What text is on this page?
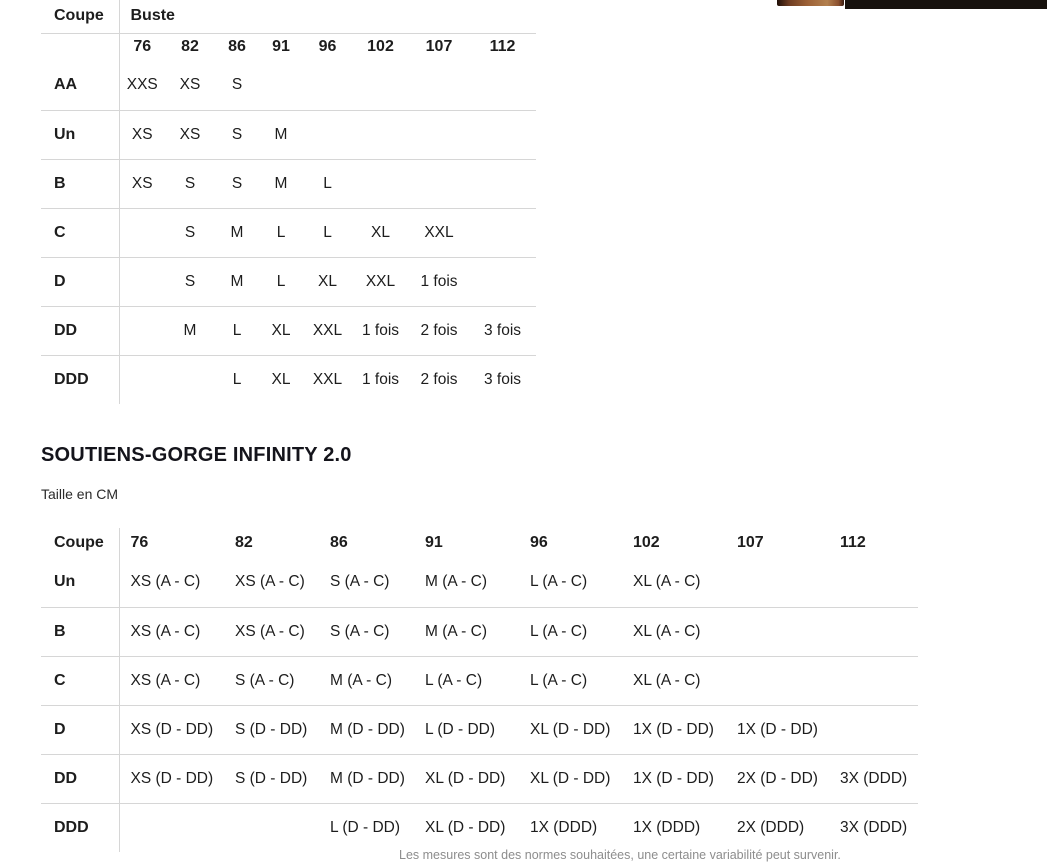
Coupe	Buste							
	76	82	86	91	96	102	107	112
AA	XXS	XS	S					
Un	XS	XS	S	M				
B	XS	S	S	M	L			
C		S	M	L	L	XL	XXL	
D		S	M	L	XL	XXL	1 fois	
DD		M	L	XL	XXL	1 fois	2 fois	3 fois
DDD			L	XL	XXL	1 fois	2 fois	3 fois
SOUTIENS-GORGE INFINITY 2.0
Taille en CM
Coupe	76	82	86	91	96	102	107	112
Un	XS (A - C)	XS (A - C)	S (A - C)	M (A - C)	L (A - C)	XL (A - C)		
B	XS (A - C)	XS (A - C)	S (A - C)	M (A - C)	L (A - C)	XL (A - C)		
C	XS (A - C)	S (A - C)	M (A - C)	L (A - C)	L (A - C)	XL (A - C)		
D	XS (D - DD)	S (D - DD)	M (D - DD)	L (D - DD)	XL (D - DD)	1X (D - DD)	1X (D - DD)	
DD	XS (D - DD)	S (D - DD)	M (D - DD)	XL (D - DD)	XL (D - DD)	1X (D - DD)	2X (D - DD)	3X (DDD)
DDD			L (D - DD)	XL (D - DD)	1X (DDD)	1X (DDD)	2X (DDD)	3X (DDD)
Les mesures sont des normes souhaitées, une certaine variabilité peut survenir.
